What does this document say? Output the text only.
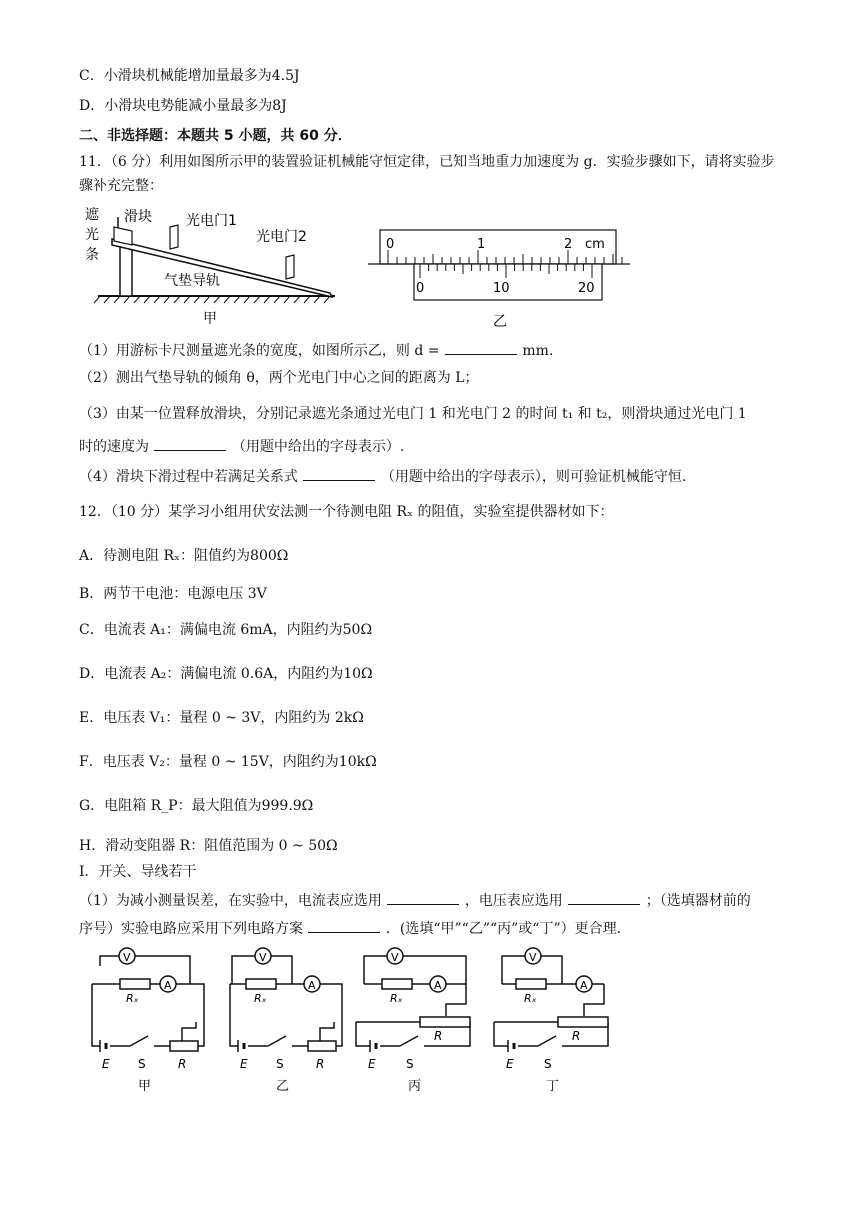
C．小滑块机械能增加量最多为4.5J
D．小滑块电势能减小量最多为8J
二、非选择题：本题共 5 小题，共 60 分．
11．（6 分）利用如图所示甲的装置验证机械能守恒定律，已知当地重力加速度为 g．实验步骤如下，请将实验步骤补充完整：
遮
光
条
滑块 光电门1
光电门2
气垫导轨
甲
0	1	2 cm
0	10	20
乙
（1）用游标卡尺测量遮光条的宽度，如图所示乙，则 d =	mm.
（2）测出气垫导轨的倾角 θ，两个光电门中心之间的距离为 L；
（3）由某一位置释放滑块，分别记录遮光条通过光电门 1 和光电门 2 的时间 t₁ 和 t₂，则滑块通过光电门 1
时的速度为	（用题中给出的字母表示）.
（4）滑块下滑过程中若满足关系式	（用题中给出的字母表示），则可验证机械能守恒.
12．（10 分）某学习小组用伏安法测一个待测电阻 Rₓ 的阻值，实验室提供器材如下：
A．待测电阻 Rₓ：阻值约为800Ω
B．两节干电池：电源电压 3V
C．电流表 A₁：满偏电流 6mA，内阻约为50Ω
D．电流表 A₂：满偏电流 0.6A，内阻约为10Ω
E．电压表 V₁：量程 0 ~ 3V，内阻约为 2kΩ
F．电压表 V₂：量程 0 ~ 15V，内阻约为10kΩ
G．电阻箱 R_P：最大阻值为999.9Ω
H．滑动变阻器 R：阻值范围为 0 ~ 50Ω
I．开关、导线若干
（1）为减小测量误差，在实验中，电流表应选用	，电压表应选用	；（选填器材前的
序号）实验电路应采用下列电路方案	．(选填“甲”“乙”“丙”或“丁”）更合理．
V
A
Rₓ
E S	R
甲
V
A
Rₓ
E S	R
乙
V
A
Rₓ
R
E	S
丙
V
A
Rₓ
R
E	S
丁
